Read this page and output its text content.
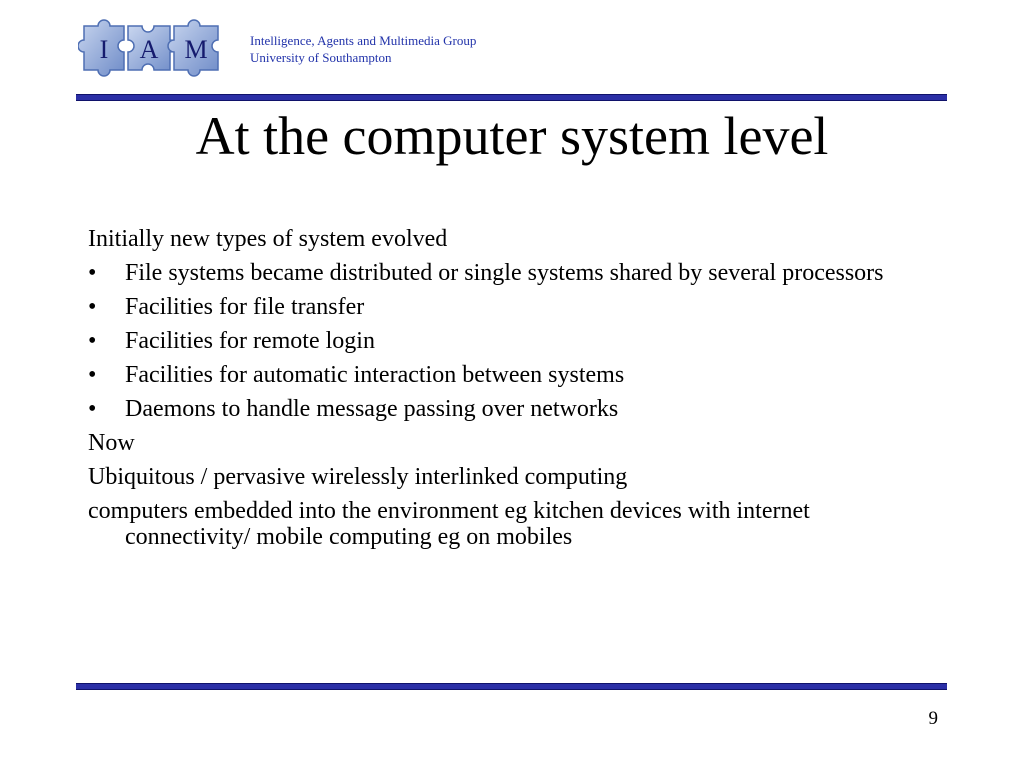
I A M	Intelligence, Agents and Multimedia Group
University of Southampton
At the computer system level

Initially new types of system evolved

•	File systems became distributed or single systems shared by several processors
•	Facilities for file transfer
•	Facilities for remote login
•	Facilities for automatic interaction between systems
•	Daemons to handle message passing over networks

Now

Ubiquitous / pervasive wirelessly interlinked computing

computers embedded into the environment eg kitchen devices with internet connectivity/ mobile computing eg on mobiles

9
